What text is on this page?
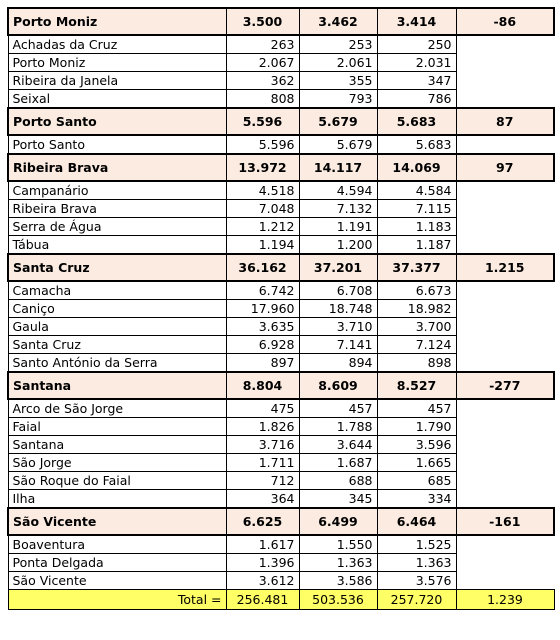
Porto Moniz	3.500	3.462	3.414	-86
Achadas da Cruz	263	253	250	
Porto Moniz	2.067	2.061	2.031	
Ribeira da Janela	362	355	347	
Seixal	808	793	786	
Porto Santo	5.596	5.679	5.683	87
Porto Santo	5.596	5.679	5.683	
Ribeira Brava	13.972	14.117	14.069	97
Campanário	4.518	4.594	4.584	
Ribeira Brava	7.048	7.132	7.115	
Serra de Água	1.212	1.191	1.183	
Tábua	1.194	1.200	1.187	
Santa Cruz	36.162	37.201	37.377	1.215
Camacha	6.742	6.708	6.673	
Caniço	17.960	18.748	18.982	
Gaula	3.635	3.710	3.700	
Santa Cruz	6.928	7.141	7.124	
Santo António da Serra	897	894	898	
Santana	8.804	8.609	8.527	-277
Arco de São Jorge	475	457	457	
Faial	1.826	1.788	1.790	
Santana	3.716	3.644	3.596	
São Jorge	1.711	1.687	1.665	
São Roque do Faial	712	688	685	
Ilha	364	345	334	
São Vicente	6.625	6.499	6.464	-161
Boaventura	1.617	1.550	1.525	
Ponta Delgada	1.396	1.363	1.363	
São Vicente	3.612	3.586	3.576	
Total =	256.481	503.536	257.720	1.239
